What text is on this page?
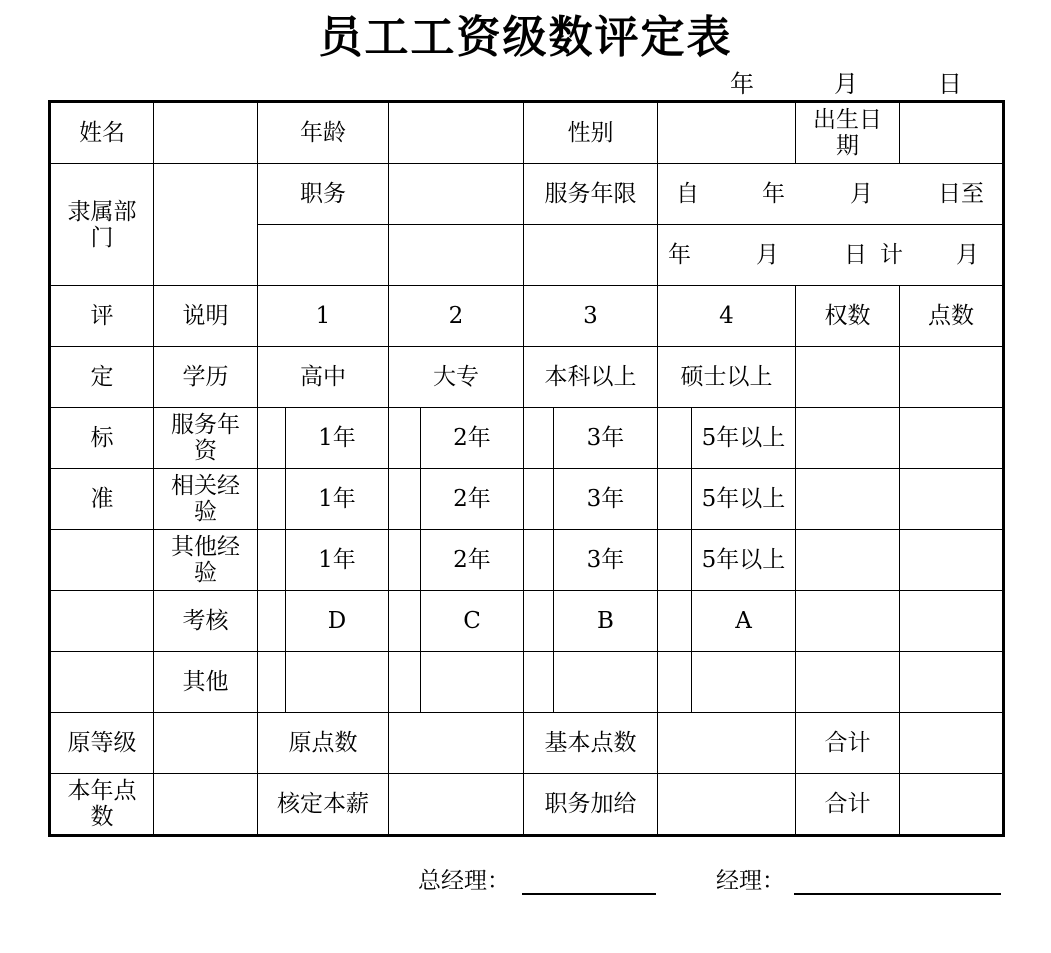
员工工资级数评定表
年	月	日
姓名		年龄				性别				出生日期	

隶属部门		职务				服务年限		自 年 月 日至			

								年 月 日 计 月			

评	说明	1		2		3		4		权数	点数
定	学历	高中		大专		本科以上		硕士以上			
标	服务年资		1年		2年		3年		5年以上		
准	相关经验		1年		2年		3年		5年以上		

	其他经验		1年		2年		3年		5年以上		
	考核		D		C		B		A		
	其他										
原等级		原点数				基本点数				合计	

本年点数		核定本薪				职务加给				合计	
总经理：	经理：
